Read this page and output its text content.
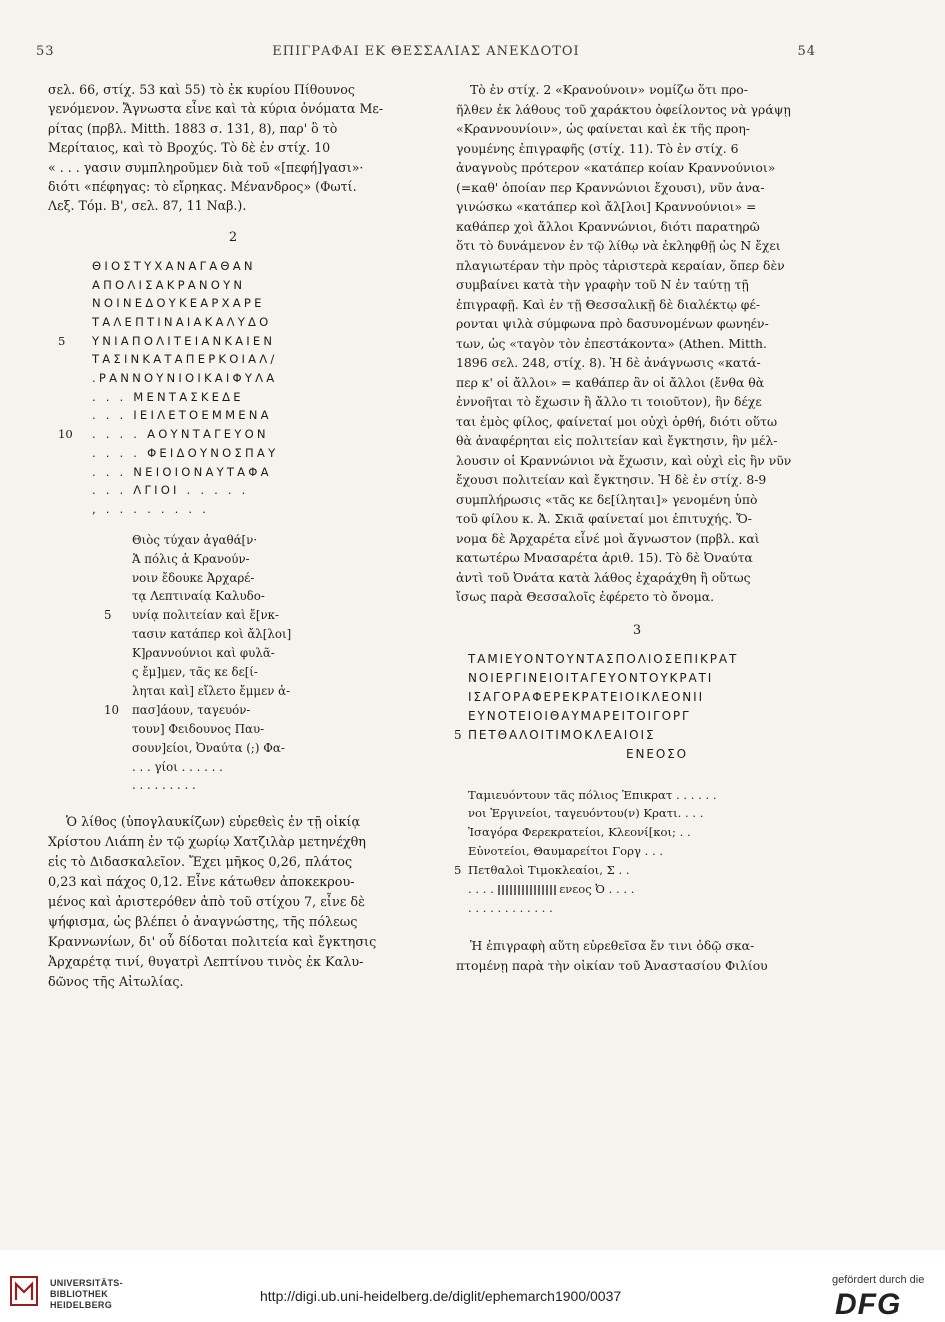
53	ΕΠΙΓΡΑΦΑΙ ΕΚ ΘΕΣΣΑΛΙΑΣ ΑΝΕΚΔΟΤΟΙ	54
σελ. 66, στίχ. 53 καὶ 55) τὸ ἐκ κυρίου Πίθουνος
γενόμενον. Ἄγνωστα εἶνε καὶ τὰ κύρια ὀνόματα Με-
ρίτας (πρβλ. Mitth. 1883 σ. 131, 8), παρ' ὃ τὸ
Μερίταιος, καὶ τὸ Βροχύς. Τὸ δὲ ἐν στίχ. 10
« . . . γασιν συμπληροῦμεν διὰ τοῦ «[πεφή]γασι»·
διότι «πέφηγας: τὸ εἴρηκας. Μένανδρος» (Φωτί.
Λεξ. Τόμ. Β', σελ. 87, 11 Ναβ.).
2
ΘΙΟΣΤΥΧΑΝΑΓΑΘΑΝ
ΑΠΟΛΙΣΑΚΡΑΝΟΥΝ
ΝΟΙΝΕΔΟΥΚΕΑΡΧΑΡΕ
ΤΑΛΕΠΤΙΝΑΙΑΚΑΛΥΔΟ
5 ΥΝΙΑΠΟΛΙΤΕΙΑΝΚΑΙΕΝ
ΤΑΣΙΝΚΑΤΑΠΕΡΚΟΙΑΛ/
.ΡΑΝΝΟΥΝΙΟΙΚΑΙΦΥΛΑ
. . . ΜΕΝΤΑΣΚΕΔΕ
. . . ΙΕΙΛΕΤΟΕΜΜΕΝΑ
10 . . . . ΑΟΥΝΤΑΓΕΥΟΝ
. . . . ΦΕΙΔΟΥΝΟΣΠΑΥ
. . . ΝΕΙΟΙΟΝΑΥΤΑΦΑ
. . . ΛΓΙΟΙ . . . . .
, . . . . . . . .
Θιὸς τύχαν ἀγαθά[ν·
Ἁ πόλις ἁ Κρανούν-
νοιν ἔδουκε Ἀρχαρέ-
τᾳ Λεπτιναίᾳ Καλυδο-
5 υνίᾳ πολιτείαν καὶ ἔ[νκ-
τασιν κατάπερ κοὶ ἄλ[λοι]
Κ]ραννούνιοι καὶ φυλᾶ-
ς ἔμ]μεν, τᾶς κε δε[ί-
ληται καὶ] εἴλετο ἔμμεν ἁ-
10 πασ]άουν, ταγευόν-
τουν] Φειδουνος Παυ-
σουν]είοι, Ὀναύτα (;) Φα-
. . . γίοι . . . . . .
. . . . . . . . .
Ὁ λίθος (ὑπογλαυκίζων) εὑρεθεὶς ἐν τῇ οἰκίᾳ
Χρίστου Λιάπη ἐν τῷ χωρίῳ Χατζιλὰρ μετηνέχθη
εἰς τὸ Διδασκαλεῖον. Ἔχει μῆκος 0,26, πλάτος
0,23 καὶ πάχος 0,12. Εἶνε κάτωθεν ἀποκεκρου-
μένος καὶ ἀριστερόθεν ἀπὸ τοῦ στίχου 7, εἶνε δὲ
ψήφισμα, ὡς βλέπει ὁ ἀναγνώστης, τῆς πόλεως
Κραννωνίων, δι' οὗ δίδοται πολιτεία καὶ ἔγκτησις
Ἀρχαρέτᾳ τινί, θυγατρὶ Λεπτίνου τινὸς ἐκ Καλυ-
δῶνος τῆς Αἰτωλίας.
Τὸ ἐν στίχ. 2 «Κρανούνοιν» νομίζω ὅτι προ-
ῆλθεν ἐκ λάθους τοῦ χαράκτου ὀφείλοντος νὰ γράψῃ
«Κραννουνίοιν», ὡς φαίνεται καὶ ἐκ τῆς προη-
γουμένης ἐπιγραφῆς (στίχ. 11). Τὸ ἐν στίχ. 6
ἀναγνοὺς πρότερον «κατάπερ κοίαν Κραννούνιοι»
(=καθ' ὁποίαν περ Κραννώνιοι ἔχουσι), νῦν ἀνα-
γινώσκω «κατάπερ κοὶ ἄλ[λοι] Κραννούνιοι» =
καθάπερ χοὶ ἄλλοι Κραννώνιοι, διότι παρατηρῶ
ὅτι τὸ δυνάμενον ἐν τῷ λίθῳ νὰ ἐκληφθῇ ὡς Ν ἔχει
πλαγιωτέραν τὴν πρὸς τἀριστερὰ κεραίαν, ὅπερ δὲν
συμβαίνει κατὰ τὴν γραφὴν τοῦ Ν ἐν ταύτῃ τῇ
ἐπιγραφῇ. Καὶ ἐν τῇ Θεσσαλικῇ δὲ διαλέκτῳ φέ-
ρονται ψιλὰ σύμφωνα πρὸ δασυνομένων φωνηέν-
των, ὡς «ταγὸν τὸν ἐπεστάκοντα» (Athen. Mitth.
1896 σελ. 248, στίχ. 8). Ἡ δὲ ἀνάγνωσις «κατά-
περ κ' οἱ ἄλλοι» = καθάπερ ἂν οἱ ἄλλοι (ἔνθα θὰ
ἐννοῆται τὸ ἔχωσιν ἢ ἄλλο τι τοιοῦτον), ἣν δέχε
ται ἐμὸς φίλος, φαίνεταί μοι οὐχὶ ὀρθή, διότι οὕτω
θὰ ἀναφέρηται εἰς πολιτείαν καὶ ἔγκτησιν, ἣν μέλ-
λουσιν οἱ Κραννώνιοι νὰ ἔχωσιν, καὶ οὐχὶ εἰς ἣν νῦν
ἔχουσι πολιτείαν καὶ ἔγκτησιν. Ἡ δὲ ἐν στίχ. 8-9
συμπλήρωσις «τᾶς κε δε[ίληται]» γενομένη ὑπὸ
τοῦ φίλου κ. Ἀ. Σκιᾶ φαίνεταί μοι ἐπιτυχής. Ὄ-
νομα δὲ Ἀρχαρέτα εἶνέ μοὶ ἄγνωστον (πρβλ. καὶ
κατωτέρω Μνασαρέτα ἀριθ. 15). Τὸ δὲ Ὀναύτα
ἀντὶ τοῦ Ὀνάτα κατὰ λάθος ἐχαράχθη ἢ οὕτως
ἴσως παρὰ Θεσσαλοῖς ἐφέρετο τὸ ὄνομα.
3
ΤΑΜΙΕΥΟΝΤΟΥΝΤΑΣΠΟΛΙΟΣΕΠΙΚΡΑΤ
ΝΟΙΕΡΓΙΝΕΙΟΙΤΑΓΕΥΟΝΤΟΥΚΡΑΤΙ
ΙΣΑΓΟΡΑΦΕΡΕΚΡΑΤΕΙΟΙΚΛΕΟΝΙΙ
ΕΥΝΟΤΕΙΟΙΘΑΥΜΑΡΕΙΤΟΙΓΟΡΓ
5 ΠΕΤΘΑΛΟΙΤΙΜΟΚΛΕΑΙΟΙΣ
ΕΝΕΟΣΟ
Ταμιευόντουν τᾶς πόλιος Ἐπικρατ . . . . . .
νοι Ἐργινείοι, ταγευόντου(ν) Κρατι. . . .
Ἰσαγόρα Φερεκρατείοι, Κλεονί[κοι; . .
Εὐνοτείοι, Θαυμαρείτοι Γοργ . . .
5 Πετθαλοὶ Τιμοκλεαίοι, Σ . .
. . . .	ενεος Ὀ . . . .
. . . . . . . . . . . .
Ἡ ἐπιγραφὴ αὕτη εὑρεθεῖσα ἔν τινι ὁδῷ σκα-
πτομένῃ παρὰ τὴν οἰκίαν τοῦ Ἀναστασίου Φιλίου
UNIVERSITÄTS-
BIBLIOTHEK
HEIDELBERG
http://digi.ub.uni-heidelberg.de/diglit/ephemarch1900/0037
gefördert durch die
DFG
